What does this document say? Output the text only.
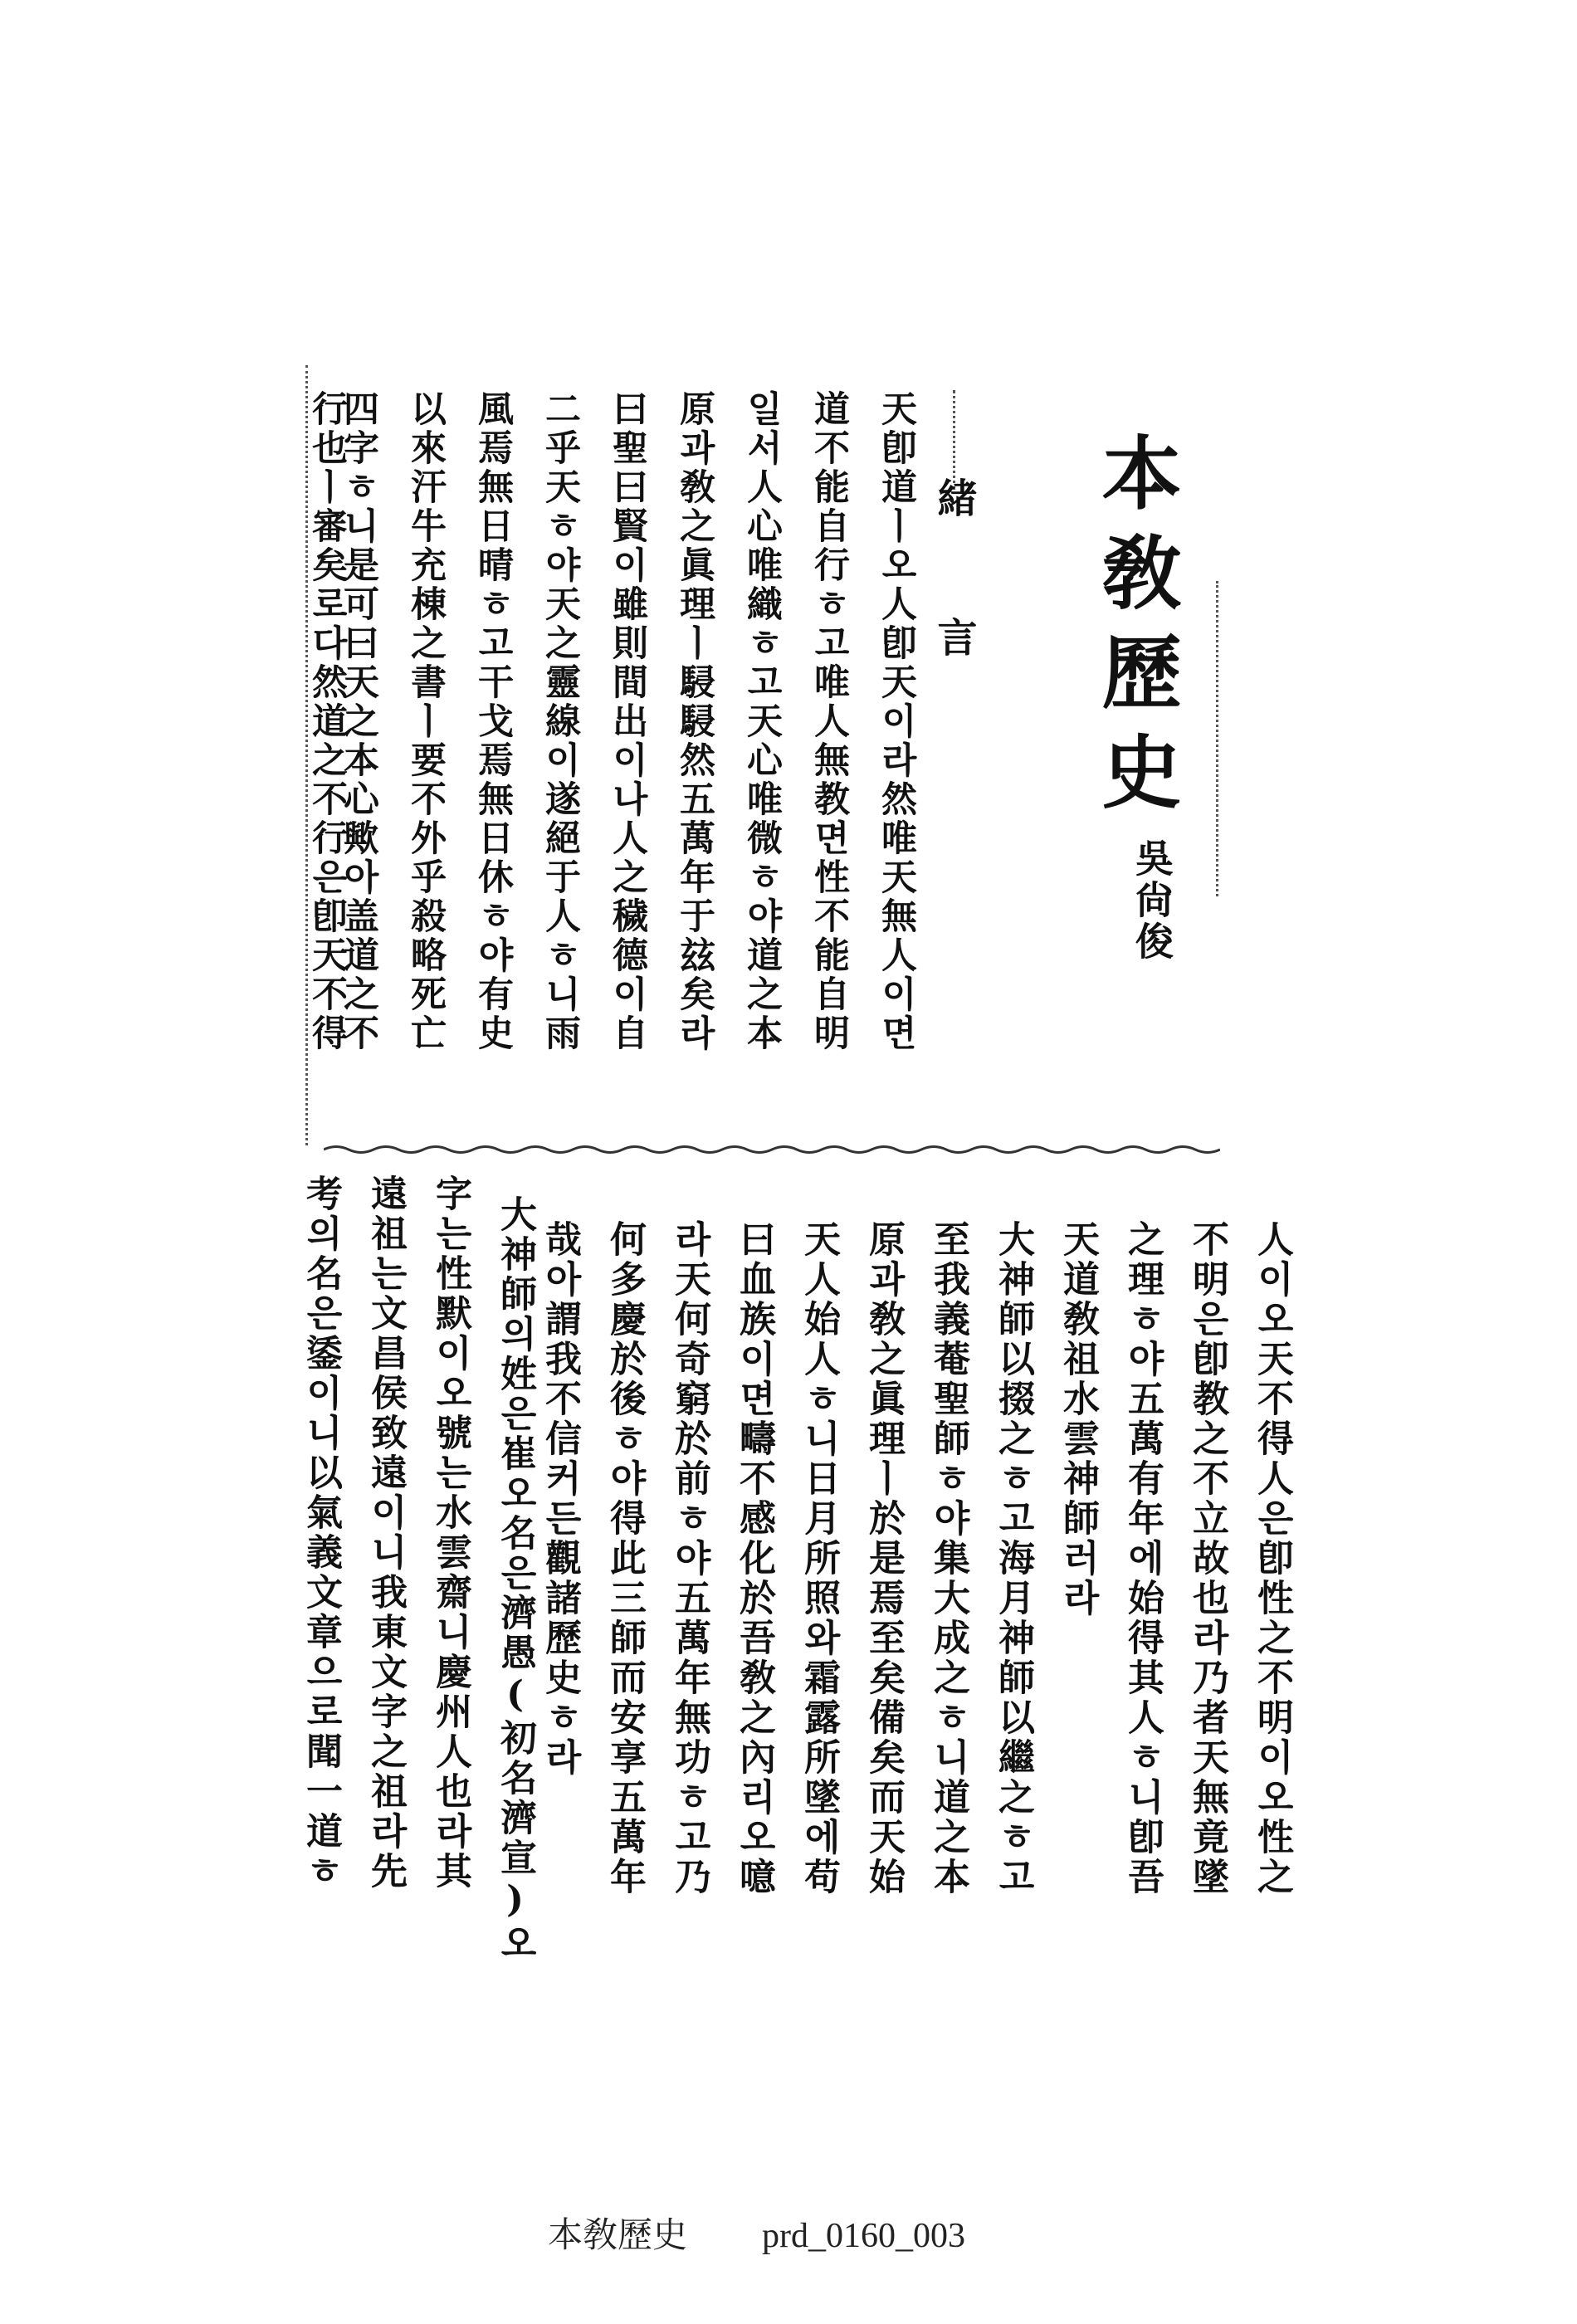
本敎歷史
吳尙俊
緒言
天卽道ㅣ오人卽天이라然唯天無人이면
道不能自行ㅎ고唯人無教면性不能自明
일서人心唯織ㅎ고天心唯微ㅎ야道之本
原과敎之眞理ㅣ駸駸然五萬年于玆矣라
曰聖曰賢이雖則間出이나人之穢德이自
二乎天ㅎ야天之靈線이遂絕于人ㅎ니雨
風焉無日晴ㅎ고干戈焉無日休ㅎ야有史
以來汗牛充棟之書ㅣ要不外乎殺略死亡
四字ㅎ니是可曰天之本心歟아盖道之不
行也ㅣ審矣로다然道之不行은卽天不得
人이오天不得人은卽性之不明이오性之
不明은卽教之不立故也라乃者天無竟墜
之理ㅎ야五萬有年에始得其人ㅎ니卽吾
天道敎祖水雲神師러라
大神師以掇之ㅎ고海月神師以繼之ㅎ고
至我義菴聖師ㅎ야集大成之ㅎ니道之本
原과敎之眞理ㅣ於是焉至矣備矣而天始
天人始人ㅎ니日月所照와霜露所墜에苟
曰血族이면疇不感化於吾敎之內리오噫
라天何奇窮於前ㅎ야五萬年無功ㅎ고乃
何多慶於後ㅎ야得此三師而安享五萬年
哉아謂我不信커든觀諸歷史ㅎ라
大神師의姓은崔오名은濟愚(初名濟宣)오
字는性默이오號는水雲齋니慶州人也라其
遠祖는文昌侯致遠이니我東文字之祖라先
考의名은鋈이니以氣義文章으로聞一道ㅎ
本敎歷史 prd_0160_003
